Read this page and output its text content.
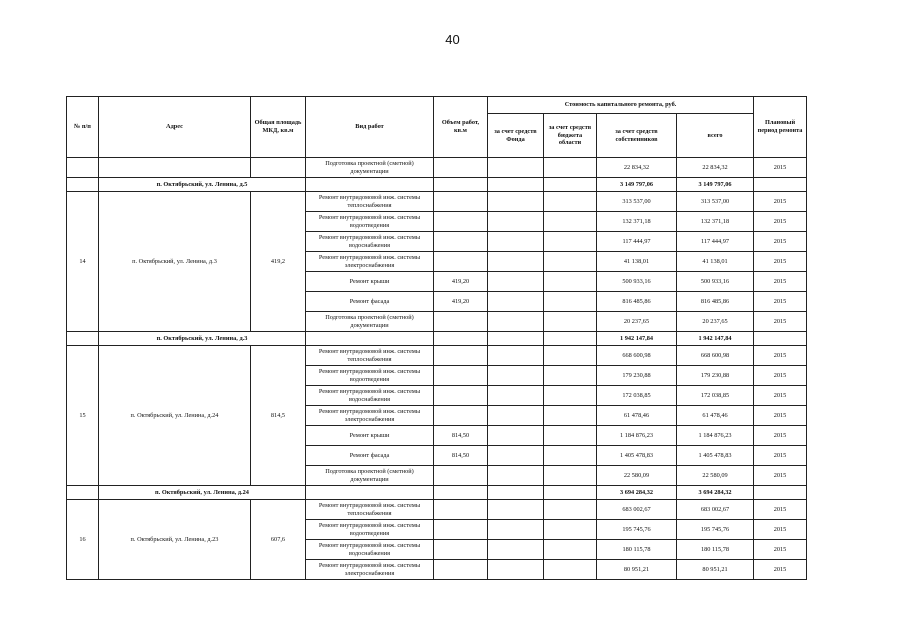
40
№ п/п	Адрес	Общая площадь МКД, кв.м	Вид работ	Объем работ, кв.м	Стоимость капитального ремонта, руб.				Плановый период ремонта
					за счет средств Фонда	за счет средств бюджета области	за счет средств собственников	всего	
			Подготовка проектной (сметной) документации				22 834,32	22 834,32	2015
	п. Октябрьский, ул. Ленина, д.5						3 149 797,06	3 149 797,06	
14	п. Октябрьский, ул. Ленина, д.3	419,2	Ремонт внутридомовой инж. системы теплоснабжения				313 537,00	313 537,00	2015
			Ремонт внутридомовой инж. системы водоотведения				132 371,18	132 371,18	2015
			Ремонт внутридомовой инж. системы водоснабжения				117 444,97	117 444,97	2015
			Ремонт внутридомовой инж. системы электроснабжения				41 138,01	41 138,01	2015
			Ремонт крыши	419,20			500 933,16	500 933,16	2015
			Ремонт фасада	419,20			816 485,86	816 485,86	2015
			Подготовка проектной (сметной) документации				20 237,65	20 237,65	2015
	п. Октябрьский, ул. Ленина, д.3						1 942 147,84	1 942 147,84	
15	п. Октябрьский, ул. Ленина, д.24	814,5	Ремонт внутридомовой инж. системы теплоснабжения				668 600,98	668 600,98	2015
			Ремонт внутридомовой инж. системы водоотведения				179 230,88	179 230,88	2015
			Ремонт внутридомовой инж. системы водоснабжения				172 038,85	172 038,85	2015
			Ремонт внутридомовой инж. системы электроснабжения				61 478,46	61 478,46	2015
			Ремонт крыши	814,50			1 184 876,23	1 184 876,23	2015
			Ремонт фасада	814,50			1 405 478,83	1 405 478,83	2015
			Подготовка проектной (сметной) документации				22 580,09	22 580,09	2015
	п. Октябрьский, ул. Ленина, д.24						3 694 284,32	3 694 284,32	
16	п. Октябрьский, ул. Ленина, д.23	607,6	Ремонт внутридомовой инж. системы теплоснабжения				683 002,67	683 002,67	2015
			Ремонт внутридомовой инж. системы водоотведения				195 745,76	195 745,76	2015
			Ремонт внутридомовой инж. системы водоснабжения				180 115,78	180 115,78	2015
			Ремонт внутридомовой инж. системы электроснабжения				80 951,21	80 951,21	2015
